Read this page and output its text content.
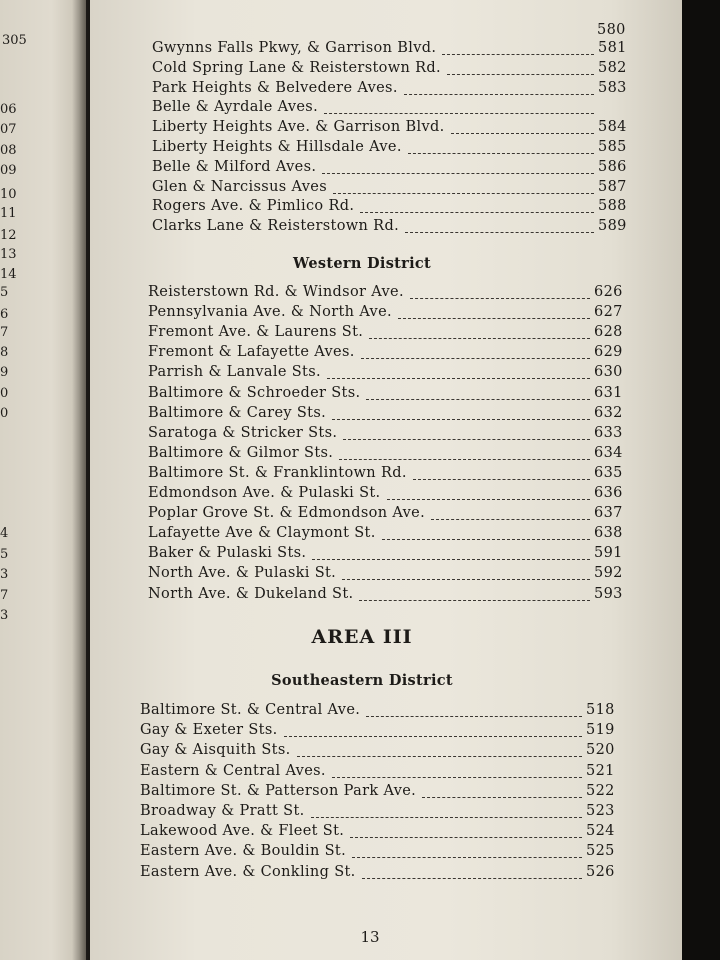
305
06
07
08
09
10
11
12
13
14
5
6
7
8
9
0
0
4
5
3
7
3
580
Gwynns Falls Pkwy, & Garrison Blvd.	581
Cold Spring Lane & Reisterstown Rd.	582
Park Heights & Belvedere Aves.	583
Belle & Ayrdale Aves.
Liberty Heights Ave. & Garrison Blvd.	584
Liberty Heights & Hillsdale Ave.	585
Belle & Milford Aves.	586
Glen & Narcissus Aves	587
Rogers Ave. & Pimlico Rd.	588
Clarks Lane & Reisterstown Rd.	589
Western District
Reisterstown Rd. & Windsor Ave.	626
Pennsylvania Ave. & North Ave.	627
Fremont Ave. & Laurens St.	628
Fremont & Lafayette Aves.	629
Parrish & Lanvale Sts.	630
Baltimore & Schroeder Sts.	631
Baltimore & Carey Sts.	632
Saratoga & Stricker Sts.	633
Baltimore & Gilmor Sts.	634
Baltimore St. & Franklintown Rd.	635
Edmondson Ave. & Pulaski St.	636
Poplar Grove St. & Edmondson Ave.	637
Lafayette Ave & Claymont St.	638
Baker & Pulaski Sts.	591
North Ave. & Pulaski St.	592
North Ave. & Dukeland St.	593
AREA III
Southeastern District
Baltimore St. & Central Ave.	518
Gay & Exeter Sts.	519
Gay & Aisquith Sts.	520
Eastern & Central Aves.	521
Baltimore St. & Patterson Park Ave.	522
Broadway & Pratt St.	523
Lakewood Ave. & Fleet St.	524
Eastern Ave. & Bouldin St.	525
Eastern Ave. & Conkling St.	526
13
